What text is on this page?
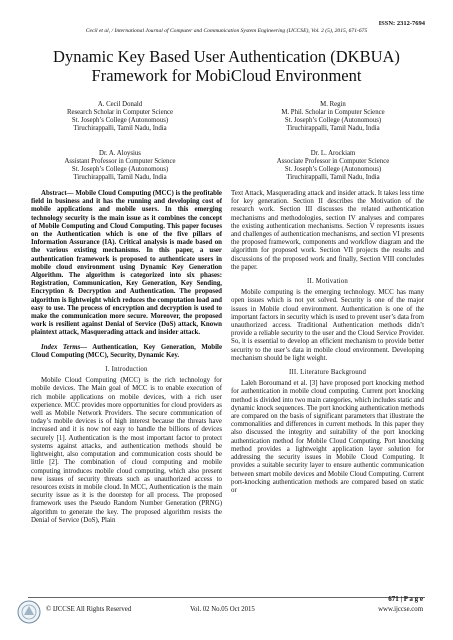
ISSN: 2312-7694
Cecil et al, / International Journal of Computer and Communication System Engineering (IJCCSE), Vol. 2 (5), 2015, 671-675
Dynamic Key Based User Authentication (DKBUA)
Framework for MobiCloud Environment
A. Cecil Donald
Research Scholar in Computer Science
St. Joseph’s College (Autonomous)
Tiruchirappalli, Tamil Nadu, India
M. Regin
M. Phil. Scholar in Computer Science
St. Joseph’s College (Autonomous)
Tiruchirappalli, Tamil Nadu, India
Dr. A. Aloysius
Assistant Professor in Computer Science
St. Joseph’s College (Autonomous)
Tiruchirappalli, Tamil Nadu, India
Dr. L. Arockiam
Associate Professor in Computer Science
St. Joseph’s College (Autonomous)
Tiruchirappalli, Tamil Nadu, India

Abstract— Mobile Cloud Computing (MCC) is the profitable field in business and it has the running and developing cost of mobile applications and mobile users. In this emerging technology security is the main issue as it combines the concept of Mobile Computing and Cloud Computing. This paper focuses on the Authentication which is one of the five pillars of Information Assurance (IA). Critical analysis is made based on the various existing mechanisms. In this paper, a user authentication framework is proposed to authenticate users in mobile cloud environment using Dynamic Key Generation Algorithm. The algorithm is categorized into six phases: Registration, Communication, Key Generation, Key Sending, Encryption & Decryption and Authentication. The proposed algorithm is lightweight which reduces the computation load and easy to use. The process of encryption and decryption is used to make the communication more secure. Moreover, the proposed work is resilient against Denial of Service (DoS) attack, Known plaintext attack, Masquerading attack and insider attack.

Index Terms— Authentication, Key Generation, Mobile Cloud Computing (MCC), Security, Dynamic Key.

I. Introduction

Mobile Cloud Computing (MCC) is the rich technology for mobile devices. The Main goal of MCC is to enable execution of rich mobile applications on mobile devices, with a rich user experience. MCC provides more opportunities for cloud providers as well as Mobile Network Providers. The secure communication of today’s mobile devices is of high interest because the threats have increased and it is now not easy to handle the billions of devices securely [1]. Authentication is the most important factor to protect systems against attacks, and authentication methods should be lightweight, also computation and communication costs should be little [2]. The combination of cloud computing and mobile computing introduces mobile cloud computing, which also present new issues of security threats such as unauthorized access to resources exists in mobile cloud. In MCC, Authentication is the main security issue as it is the doorstep for all process. The proposed framework uses the Pseudo Random Number Generation (PRNG) algorithm to generate the key. The proposed algorithm resists the Denial of Service (DoS), Plain

Text Attack, Masquerading attack and insider attack. It takes less time for key generation. Section II describes the Motivation of the research work. Section III discusses the related authentication mechanisms and methodologies, section IV analyses and compares the existing authentication mechanisms. Section V represents issues and challenges of authentication mechanisms, and section VI presents the proposed framework, components and workflow diagram and the algorithm for proposed work. Section VII projects the results and discussions of the proposed work and finally, Section VIII concludes the paper.

II. Motivation

Mobile computing is the emerging technology. MCC has many open issues which is not yet solved. Security is one of the major issues in Mobile cloud environment. Authentication is one of the important factors in security which is used to prevent user’s data from unauthorized access. Traditional Authentication methods didn’t provide a reliable security to the user and the Cloud Service Provider. So, it is essential to develop an efficient mechanism to provide better security to the user’s data in mobile cloud environment. Developing mechanism should be light weight.

III. Literature Background

Laleh Boroumand et al. [3] have proposed port knocking method for authentication in mobile cloud computing. Current port knocking method is divided into two main categories, which includes static and dynamic knock sequences. The port knocking authentication methods are compared on the basis of significant parameters that illustrate the commonalities and differences in current methods. In this paper they also discussed the integrity and suitability of the port knocking authentication method for Mobile Cloud Computing. Port knocking method provides a lightweight application layer solution for addressing the security issues in Mobile Cloud Computing. It provides a suitable security layer to ensure authentic communication between smart mobile devices and Mobile Cloud Computing. Current port-knocking authentication methods are compared based on static or

671 | P a g e
© IJCCSE All Rights Reserved	Vol. 02 No.05 Oct 2015	www.ijccse.com
